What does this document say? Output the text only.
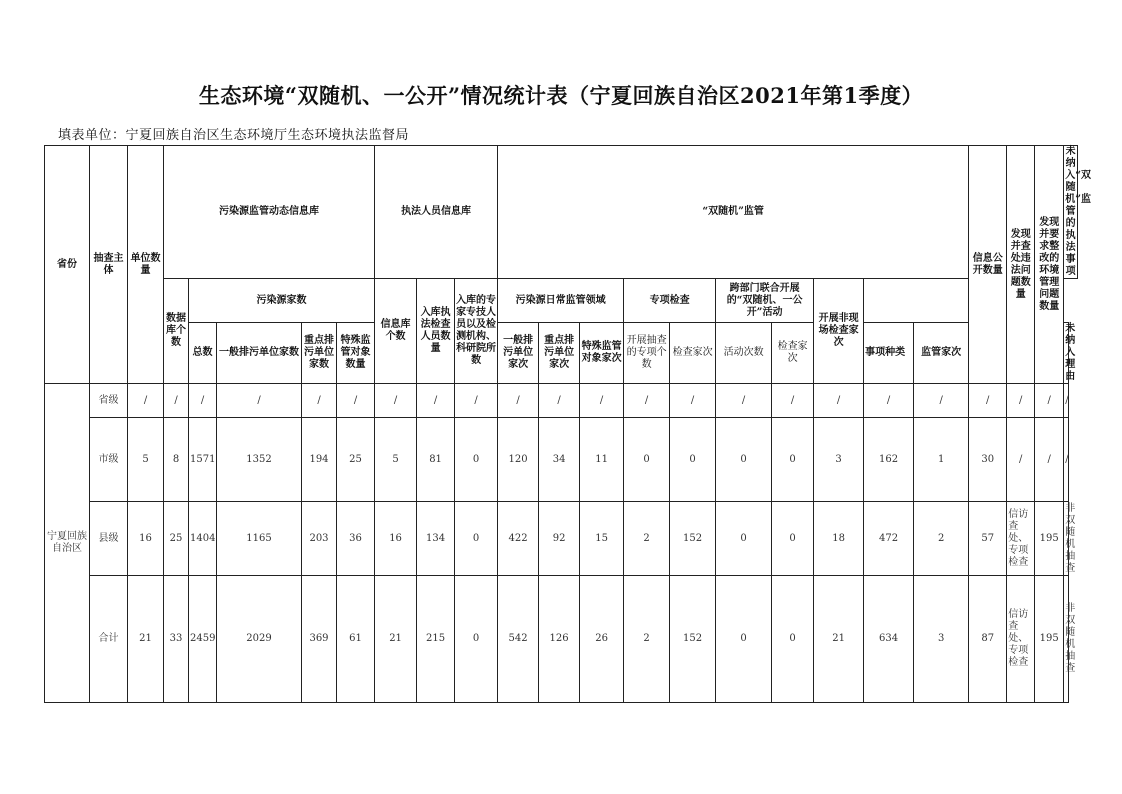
生态环境“双随机、一公开”情况统计表（宁夏回族自治区2021年第1季度）
填表单位：宁夏回族自治区生态环境厅生态环境执法监督局
省份	抽查主体	单位数量	污染源监管动态信息库					执法人员信息库			“双随机”监管										信息公开数量	发现并查处违法问题数量	发现并要求整改的环境管理问题数量	未纳入“双随机”监管的执法事项
			数据库个数	污染源家数				信息库个数	入库执法检查人员数量	入库的专家专技人员以及检测机构、科研院所数	污染源日常监管领域			专项检查		跨部门联合开展的“双随机、一公开”活动		开展非现场检查家次						
				总数	一般排污单位家数	重点排污单位家数	特殊监管对象数量				一般排污单位家次	重点排污单位家次	特殊监管对象家次	开展抽查的专项个数	检查家次	活动次数	检查家次		事项种类	监管家次				未纳入理由
宁夏回族自治区	省级	/	/	/	/	/	/	/	/	/	/	/	/	/	/	/	/	/	/	/	/	/	/	/
	市级	5	8	1571	1352	194	25	5	81	0	120	34	11	0	0	0	0	3	162	1	30	/	/	/
	县级	16	25	1404	1165	203	36	16	134	0	422	92	15	2	152	0	0	18	472	2	57	信访查处、专项检查	195	非双随机抽查
	合计	21	33	2459	2029	369	61	21	215	0	542	126	26	2	152	0	0	21	634	3	87	信访查处、专项检查	195	非双随机抽查
